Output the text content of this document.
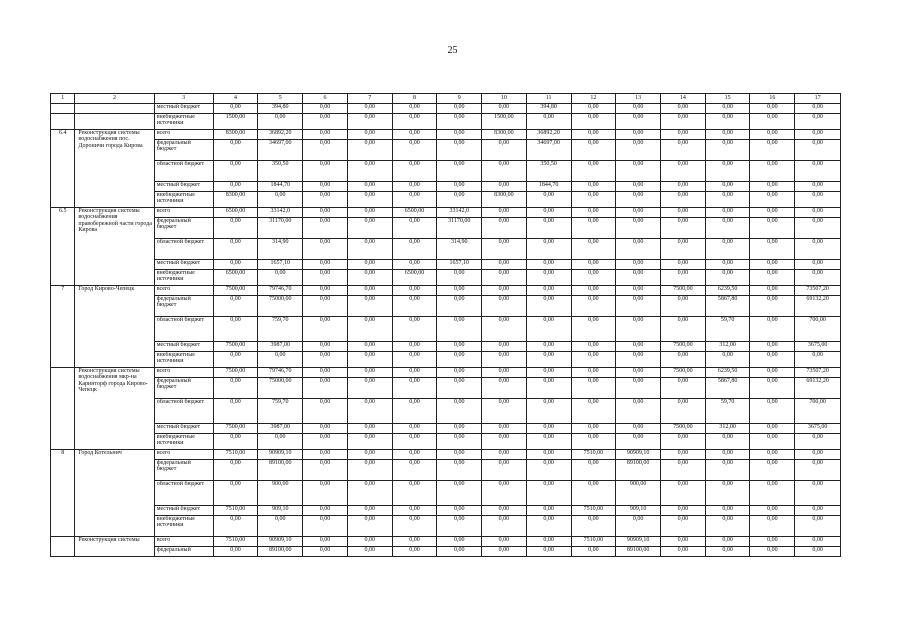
25
1	2	3	4	5	6	7	8	9	10	11	12	13	14	15	16	17
		местный бюджет	0,00	394,80	0,00	0,00	0,00	0,00	0,00	394,80	0,00	0,00	0,00	0,00	0,00	0,00
		внебюджетные источники	1500,00	0,00	0,00	0,00	0,00	0,00	1500,00	0,00	0,00	0,00	0,00	0,00	0,00	0,00
6.4	Реконструкция системы водоснабжения пос. Дороничи города Кирова	всего	8300,00	36892,20	0,00	0,00	0,00	0,00	8300,00	36892,20	0,00	0,00	0,00	0,00	0,00	0,00
		федеральный бюджет	0,00	34697,00	0,00	0,00	0,00	0,00	0,00	34697,00	0,00	0,00	0,00	0,00	0,00	0,00
		областной бюджет	0,00	350,50	0,00	0,00	0,00	0,00	0,00	350,50	0,00	0,00	0,00	0,00	0,00	0,00
		местный бюджет	0,00	1844,70	0,00	0,00	0,00	0,00	0,00	1844,70	0,00	0,00	0,00	0,00	0,00	0,00
		внебюджетные источники	8300,00	0,00	0,00	0,00	0,00	0,00	8300,00	0,00	0,00	0,00	0,00	0,00	0,00	0,00
6.5	Реконструкция системы водоснабжения правобережной части города Кирова	всего	6500,00	33142,0	0,00	0,00	6500,00	33142,0	0,00	0,00	0,00	0,00	0,00	0,00	0,00	0,00
		федеральный бюджет	0,00	31170,00	0,00	0,00	0,00	31170,00	0,00	0,00	0,00	0,00	0,00	0,00	0,00	0,00
		областной бюджет	0,00	314,90	0,00	0,00	0,00	314,90	0,00	0,00	0,00	0,00	0,00	0,00	0,00	0,00
		местный бюджет	0,00	1657,10	0,00	0,00	0,00	1657,10	0,00	0,00	0,00	0,00	0,00	0,00	0,00	0,00
		внебюджетные источники	6500,00	0,00	0,00	0,00	6500,00	0,00	0,00	0,00	0,00	0,00	0,00	0,00	0,00	0,00
7	Город Кирово-Чепецк	всего	7500,00	79746,70	0,00	0,00	0,00	0,00	0,00	0,00	0,00	0,00	7500,00	6239,50	0,00	73507,20
		федеральный бюджет	0,00	75000,00	0,00	0,00	0,00	0,00	0,00	0,00	0,00	0,00	0,00	5867,80	0,00	69132,20
		областной бюджет	0,00	759,70	0,00	0,00	0,00	0,00	0,00	0,00	0,00	0,00	0,00	59,70	0,00	700,00
		местный бюджет	7500,00	3987,00	0,00	0,00	0,00	0,00	0,00	0,00	0,00	0,00	7500,00	312,00	0,00	3675,00
		внебюджетные источники	0,00	0,00	0,00	0,00	0,00	0,00	0,00	0,00	0,00	0,00	0,00	0,00	0,00	0,00
	Реконструкция системы водоснабжения мкр-на Каринторф города Кирово-Чепецк	всего	7500,00	79746,70	0,00	0,00	0,00	0,00	0,00	0,00	0,00	0,00	7500,00	6239,50	0,00	73507,20
		федеральный бюджет	0,00	75000,00	0,00	0,00	0,00	0,00	0,00	0,00	0,00	0,00	0,00	5867,80	0,00	69132,20
		областной бюджет	0,00	759,70	0,00	0,00	0,00	0,00	0,00	0,00	0,00	0,00	0,00	59,70	0,00	700,00
		местный бюджет	7500,00	3987,00	0,00	0,00	0,00	0,00	0,00	0,00	0,00	0,00	7500,00	312,00	0,00	3675,00
		внебюджетные источники	0,00	0,00	0,00	0,00	0,00	0,00	0,00	0,00	0,00	0,00	0,00	0,00	0,00	0,00
8	Город Котельнич	всего	7510,00	90909,10	0,00	0,00	0,00	0,00	0,00	0,00	7510,00	90909,10	0,00	0,00	0,00	0,00
		федеральный бюджет	0,00	89100,00	0,00	0,00	0,00	0,00	0,00	0,00	0,00	89100,00	0,00	0,00	0,00	0,00
		областной бюджет	0,00	900,00	0,00	0,00	0,00	0,00	0,00	0,00	0,00	900,00	0,00	0,00	0,00	0,00
		местный бюджет	7510,00	909,10	0,00	0,00	0,00	0,00	0,00	0,00	7510,00	909,10	0,00	0,00	0,00	0,00
		внебюджетные источники	0,00	0,00	0,00	0,00	0,00	0,00	0,00	0,00	0,00	0,00	0,00	0,00	0,00	0,00
	Реконструкция системы	всего	7510,00	90909,10	0,00	0,00	0,00	0,00	0,00	0,00	7510,00	90909,10	0,00	0,00	0,00	0,00
		федеральный	0,00	89100,00	0,00	0,00	0,00	0,00	0,00	0,00	0,00	89100,00	0,00	0,00	0,00	0,00
